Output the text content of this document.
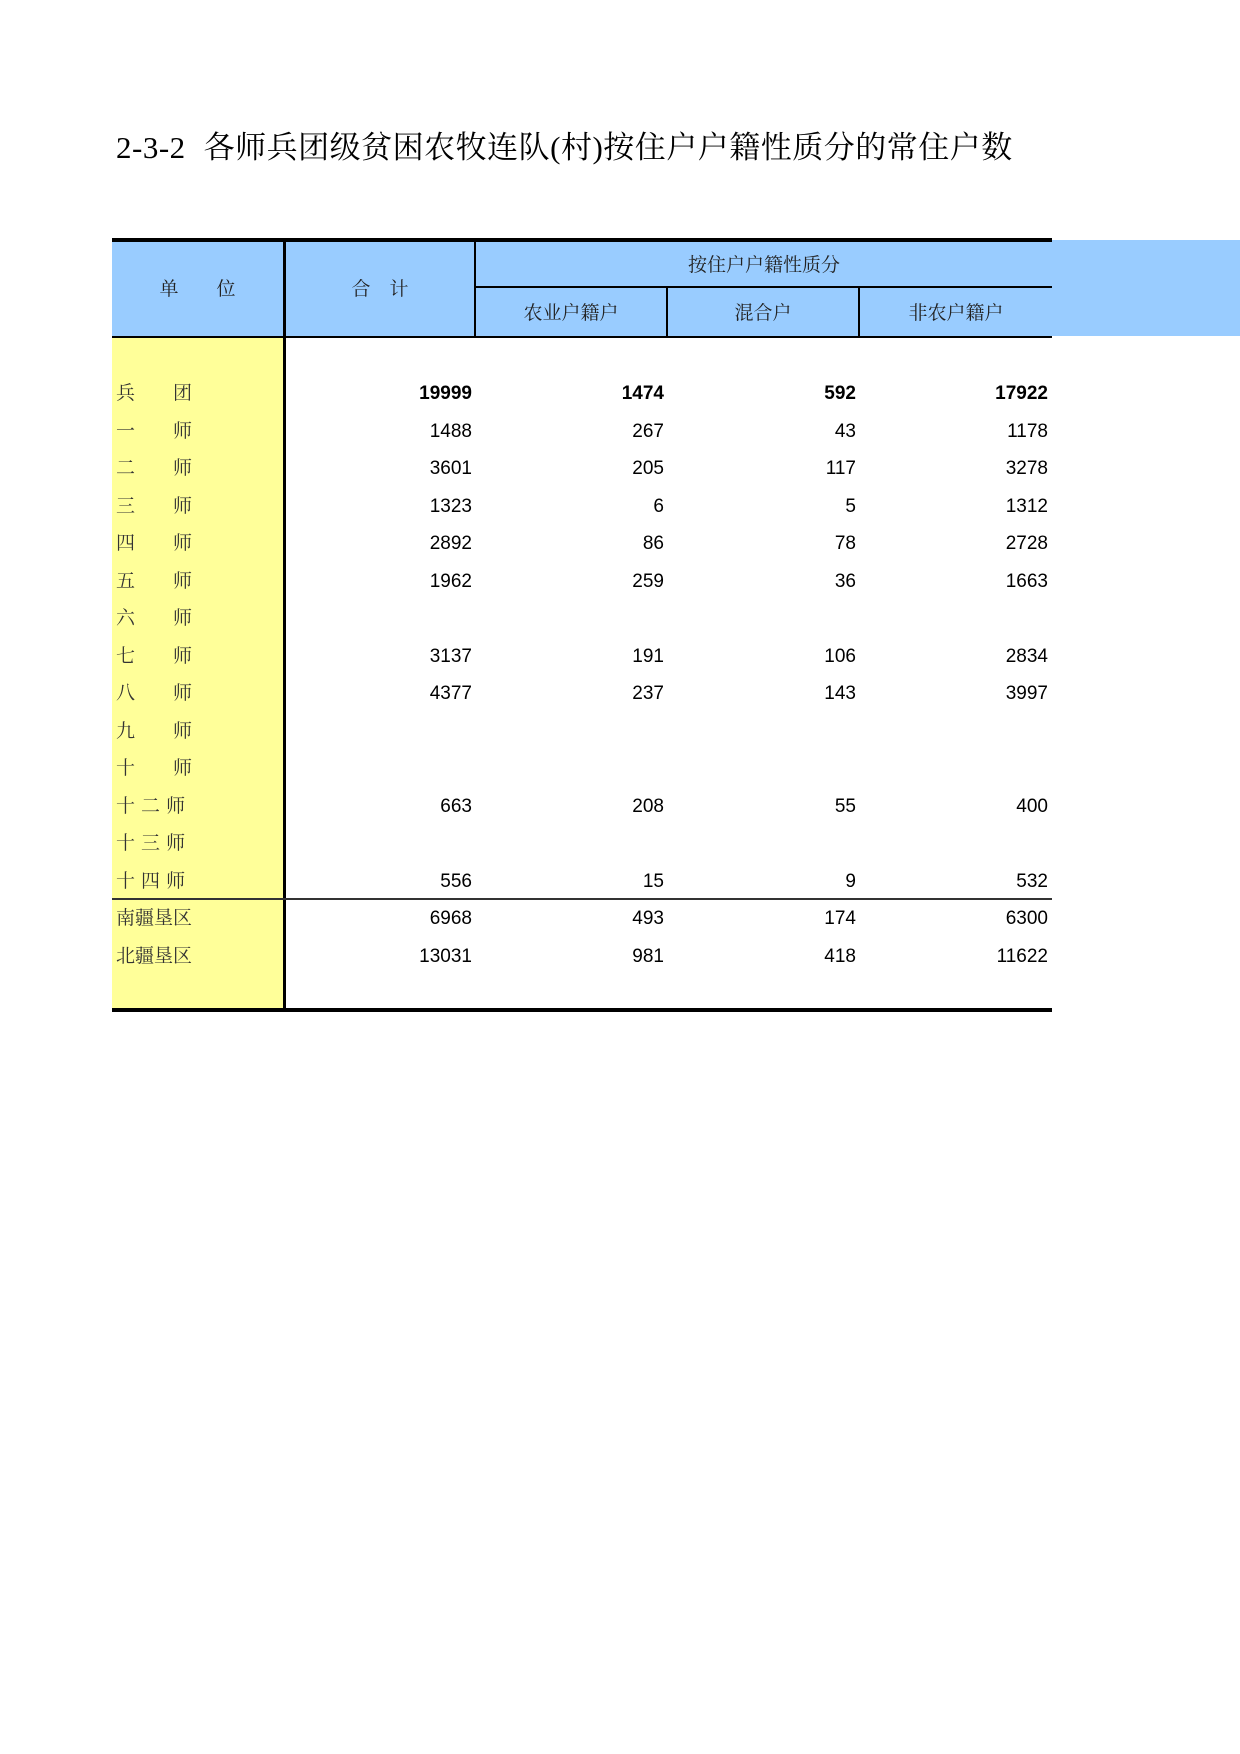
2-3-2 各师兵团级贫困农牧连队(村)按住户户籍性质分的常住户数
单　　位	合　计
按住户户籍性质分
农业户籍户	混合户	非农户籍户
兵　　团	19999	1474	592	17922
一　　师	1488	267	43	1178
二　　师	3601	205	117	3278
三　　师	1323	6	5	1312
四　　师	2892	86	78	2728
五　　师	1962	259	36	1663
六　　师
七　　师	3137	191	106	2834
八　　师	4377	237	143	3997
九　　师
十　　师
十 二 师	663	208	55	400
十 三 师
十 四 师	556	15	9	532
南疆垦区	6968	493	174	6300
北疆垦区	13031	981	418	11622
